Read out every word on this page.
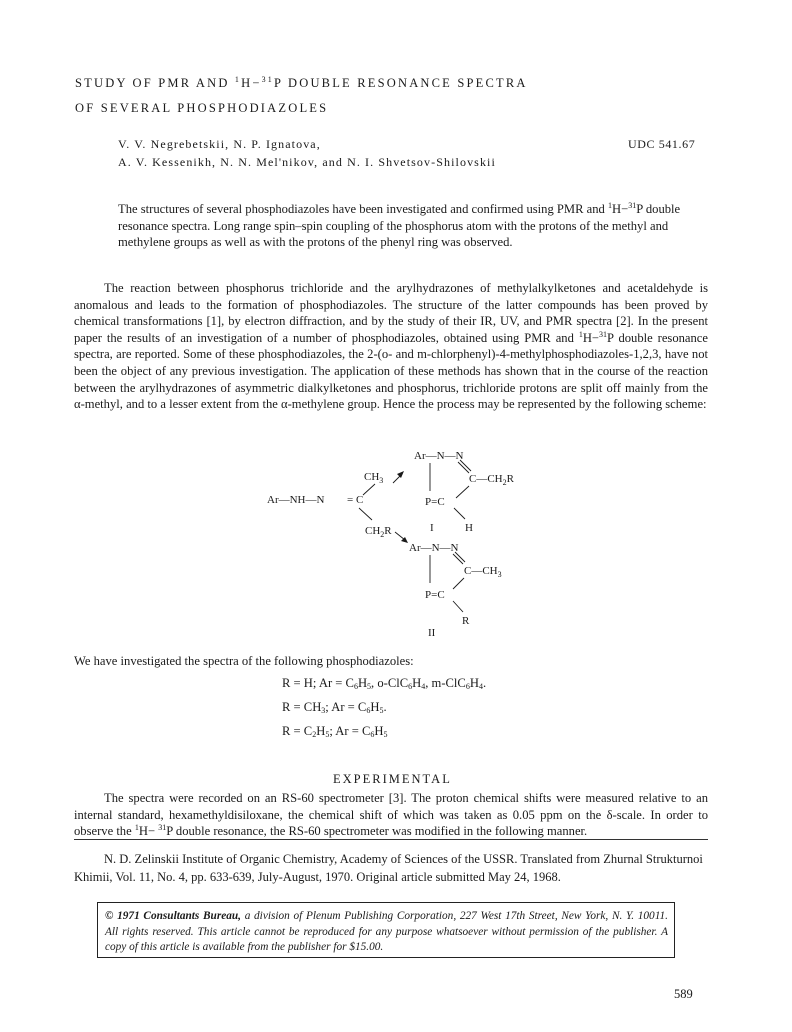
STUDY OF PMR AND $^1$H−$^{31}$P DOUBLE RESONANCE SPECTRA
OF SEVERAL PHOSPHODIAZOLES
V. V. Negrebetskii, N. P. Ignatova,
A. V. Kessenikh, N. N. Mel'nikov, and N. I. Shvetsov-Shilovskii
UDC 541.67

The structures of several phosphodiazoles have been investigated and confirmed using PMR and $^1$H−$^{31}$P double resonance spectra. Long range spin–spin coupling of the phosphorus atom with the protons of the methyl and methylene groups as well as with the protons of the phenyl ring was observed.

The reaction between phosphorus trichloride and the arylhydrazones of methylalkylketones and acetaldehyde is anomalous and leads to the formation of phosphodiazoles. The structure of the latter compounds has been proved by chemical transformations [1], by electron diffraction, and by the study of their IR, UV, and PMR spectra [2]. In the present paper the results of an investigation of a number of phosphodiazoles, obtained using PMR and $^1$H−$^{31}$P double resonance spectra, are reported. Some of these phosphodiazoles, the 2-(o- and m-chlorphenyl)-4-methylphosphodiazoles-1,2,3, have not been the object of any previous investigation. The application of these methods has shown that in the course of the reaction between the arylhydrazones of asymmetric dialkylketones and phosphorus, trichloride protons are split off mainly from the α-methyl, and to a lesser extent from the α-methylene group. Hence the process may be represented by the following scheme:

Ar—NH—N = C
$CH_3$
$CH_2R$
Ar—N—N
$C—CH_2R$
P=C
H
I
Ar—N—N
$C—CH_3$
P=C
R
II
We have investigated the spectra of the following phosphodiazoles:
R = H; $Ar = C_6H_5$, $o-ClC_6H_4$, $m-ClC_6H_4$.
$R = CH_3$; $Ar = C_6H_5$.
$R = C_2H_5$; $Ar = C_6H_5$
EXPERIMENTAL

The spectra were recorded on an RS-60 spectrometer [3]. The proton chemical shifts were measured relative to an internal standard, hexamethyldisiloxane, the chemical shift of which was taken as 0.05 ppm on the δ-scale. In order to observe the $^1$H− $^{31}$P double resonance, the RS-60 spectrometer was modified in the following manner.

N. D. Zelinskii Institute of Organic Chemistry, Academy of Sciences of the USSR. Translated from Zhurnal Strukturnoi Khimii, Vol. 11, No. 4, pp. 633-639, July-August, 1970. Original article submitted May 24, 1968.

© 1971 Consultants Bureau, a division of Plenum Publishing Corporation, 227 West 17th Street, New York, N. Y. 10011. All rights reserved. This article cannot be reproduced for any purpose whatsoever without permission of the publisher. A copy of this article is available from the publisher for $15.00.
589
